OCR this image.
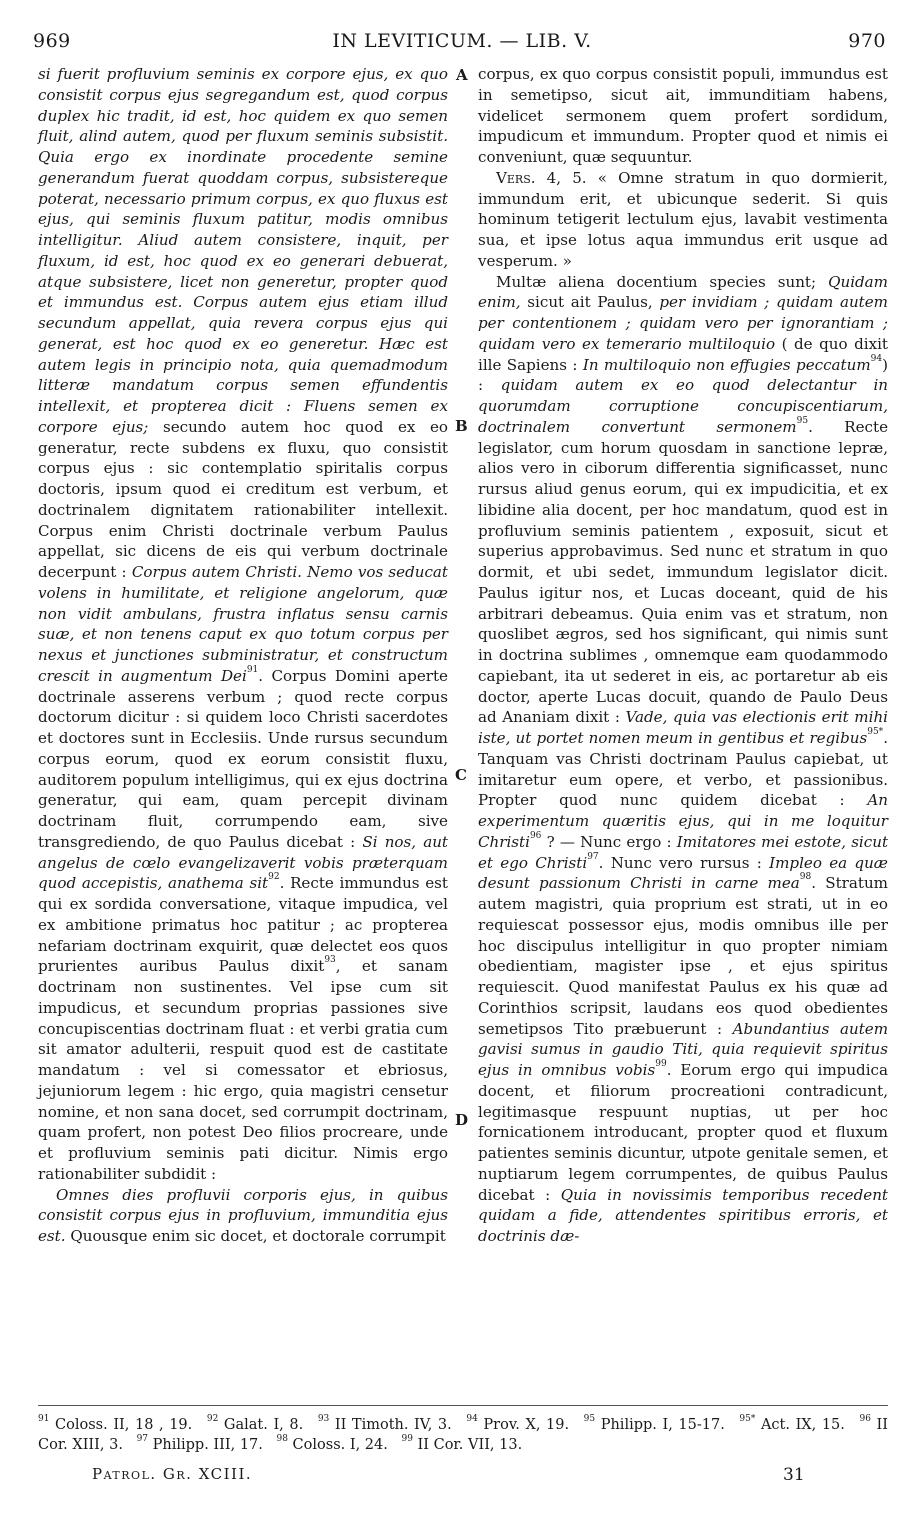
969	IN LEVITICUM. — LIB. V.	970
A
B
C
D

si fuerit profluvium seminis ex corpore ejus, ex quo consistit corpus ejus segregandum est, quod corpus duplex hic tradit, id est, hoc quidem ex quo semen fluit, alind autem, quod per fluxum seminis subsistit. Quia ergo ex inordinate procedente semine generandum fuerat quoddam corpus, subsistereque poterat, necessario primum corpus, ex quo fluxus est ejus, qui seminis fluxum patitur, modis omnibus intelligitur. Aliud autem consistere, inquit, per fluxum, id est, hoc quod ex eo generari debuerat, atque subsistere, licet non generetur, propter quod et immundus est. Corpus autem ejus etiam illud secundum appellat, quia revera corpus ejus qui generat, est hoc quod ex eo generetur. Hæc est autem legis in principio nota, quia quemadmodum litteræ mandatum corpus semen effundentis intellexit, et propterea dicit : Fluens semen ex corpore ejus; secundo autem hoc quod ex eo generatur, recte subdens ex fluxu, quo consistit corpus ejus : sic contemplatio spiritalis corpus doctoris, ipsum quod ei creditum est verbum, et doctrinalem dignitatem rationabiliter intellexit. Corpus enim Christi doctrinale verbum Paulus appellat, sic dicens de eis qui verbum doctrinale decerpunt : Corpus autem Christi. Nemo vos seducat volens in humilitate, et religione angelorum, quæ non vidit ambulans, frustra inflatus sensu carnis suæ, et non tenens caput ex quo totum corpus per nexus et junctiones subministratur, et constructum crescit in augmentum Dei$^{91}$. Corpus Domini aperte doctrinale asserens verbum ; quod recte corpus doctorum dicitur : si quidem loco Christi sacerdotes et doctores sunt in Ecclesiis. Unde rursus secundum corpus eorum, quod ex eorum consistit fluxu, auditorem populum intelligimus, qui ex ejus doctrina generatur, qui eam, quam percepit divinam doctrinam fluit, corrumpendo eam, sive transgrediendo, de quo Paulus dicebat : Si nos, aut angelus de cœlo evangelizaverit vobis præterquam quod accepistis, anathema sit$^{92}$. Recte immundus est qui ex sordida conversatione, vitaque impudica, vel ex ambitione primatus hoc patitur ; ac propterea nefariam doctrinam exquirit, quæ delectet eos quos prurientes auribus Paulus dixit$^{93}$, et sanam doctrinam non sustinentes. Vel ipse cum sit impudicus, et secundum proprias passiones sive concupiscentias doctrinam fluat : et verbi gratia cum sit amator adulterii, respuit quod est de castitate mandatum : vel si comessator et ebriosus, jejuniorum legem : hic ergo, quia magistri censetur nomine, et non sana docet, sed corrumpit doctrinam, quam profert, non potest Deo filios procreare, unde et profluvium seminis pati dicitur. Nimis ergo rationabiliter subdidit :

Omnes dies profluvii corporis ejus, in quibus consistit corpus ejus in profluvium, immunditia ejus est. Quousque enim sic docet, et doctorale corrumpit

corpus, ex quo corpus consistit populi, immundus est in semetipso, sicut ait, immunditiam habens, videlicet sermonem quem profert sordidum, impudicum et immundum. Propter quod et nimis ei conveniunt, quæ sequuntur.

Vers. 4, 5. « Omne stratum in quo dormierit, immundum erit, et ubicunque sederit. Si quis hominum tetigerit lectulum ejus, lavabit vestimenta sua, et ipse lotus aqua immundus erit usque ad vesperum. »

Multæ aliena docentium species sunt; Quidam enim, sicut ait Paulus, per invidiam ; quidam autem per contentionem ; quidam vero per ignorantiam ; quidam vero ex temerario multiloquio ( de quo dixit ille Sapiens : In multiloquio non effugies peccatum$^{94}$) : quidam autem ex eo quod delectantur in quorumdam corruptione concupiscentiarum, doctrinalem convertunt sermonem$^{95}$. Recte legislator, cum horum quosdam in sanctione lepræ, alios vero in ciborum differentia significasset, nunc rursus aliud genus eorum, qui ex impudicitia, et ex libidine alia docent, per hoc mandatum, quod est in profluvium seminis patientem , exposuit, sicut et superius approbavimus. Sed nunc et stratum in quo dormit, et ubi sedet, immundum legislator dicit. Paulus igitur nos, et Lucas doceant, quid de his arbitrari debeamus. Quia enim vas et stratum, non quoslibet ægros, sed hos significant, qui nimis sunt in doctrina sublimes , omnemque eam quodammodo capiebant, ita ut sederet in eis, ac portaretur ab eis doctor, aperte Lucas docuit, quando de Paulo Deus ad Ananiam dixit : Vade, quia vas electionis erit mihi iste, ut portet nomen meum in gentibus et regibus$^{95*}$. Tanquam vas Christi doctrinam Paulus capiebat, ut imitaretur eum opere, et verbo, et passionibus. Propter quod nunc quidem dicebat : An experimentum quæritis ejus, qui in me loquitur Christi$^{96}$ ? — Nunc ergo : Imitatores mei estote, sicut et ego Christi$^{97}$. Nunc vero rursus : Impleo ea quæ desunt passionum Christi in carne mea$^{98}$. Stratum autem magistri, quia proprium est strati, ut in eo requiescat possessor ejus, modis omnibus ille per hoc discipulus intelligitur in quo propter nimiam obedientiam, magister ipse , et ejus spiritus requiescit. Quod manifestat Paulus ex his quæ ad Corinthios scripsit, laudans eos quod obedientes semetipsos Tito præbuerunt : Abundantius autem gavisi sumus in gaudio Titi, quia requievit spiritus ejus in omnibus vobis$^{99}$. Eorum ergo qui impudica docent, et filiorum procreationi contradicunt, legitimasque respuunt nuptias, ut per hoc fornicationem introducant, propter quod et fluxum patientes seminis dicuntur, utpote genitale semen, et nuptiarum legem corrumpentes, de quibus Paulus dicebat : Quia in novissimis temporibus recedent quidam a fide, attendentes spiritibus erroris, et doctrinis dæ-

$^{91}$ Coloss. II, 18 , 19. $^{92}$ Galat. I, 8. $^{93}$ II Timoth. IV, 3. $^{94}$ Prov. X, 19. $^{95}$ Philipp. I, 15-17. $^{95*}$ Act. IX, 15. $^{96}$ II Cor. XIII, 3. $^{97}$ Philipp. III, 17. $^{98}$ Coloss. I, 24. $^{99}$ II Cor. VII, 13.
Patrol. Gr. XCIII.	31
